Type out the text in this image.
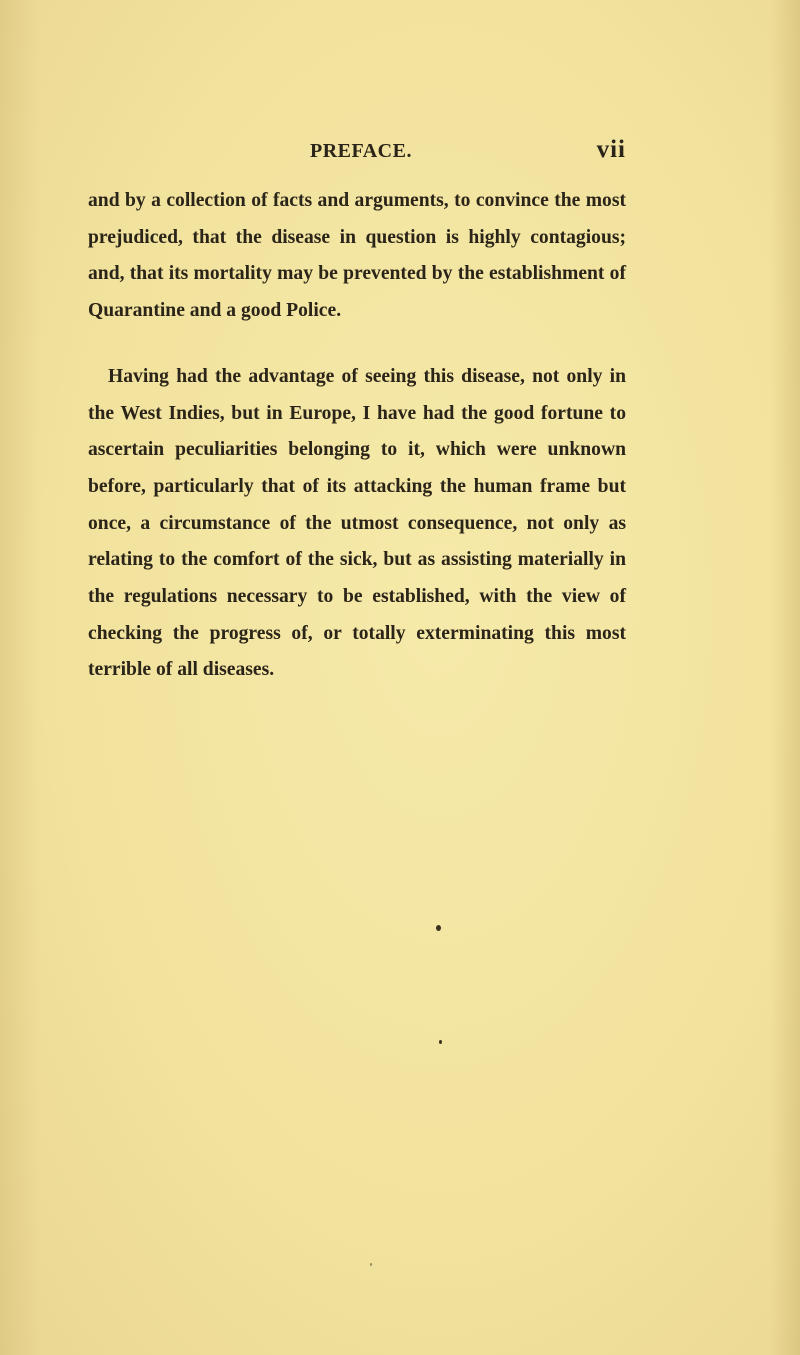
PREFACE.	vii

and by a collection of facts and arguments, to convince the most prejudiced, that the disease in question is highly contagious; and, that its mortality may be prevented by the establishment of Quarantine and a good Police.

Having had the advantage of seeing this disease, not only in the West Indies, but in Europe, I have had the good fortune to ascertain peculiarities belonging to it, which were unknown before, particularly that of its attacking the human frame but once, a circumstance of the utmost consequence, not only as relating to the comfort of the sick, but as assisting materially in the regulations necessary to be established, with the view of checking the progress of, or totally exterminating this most terrible of all diseases.
